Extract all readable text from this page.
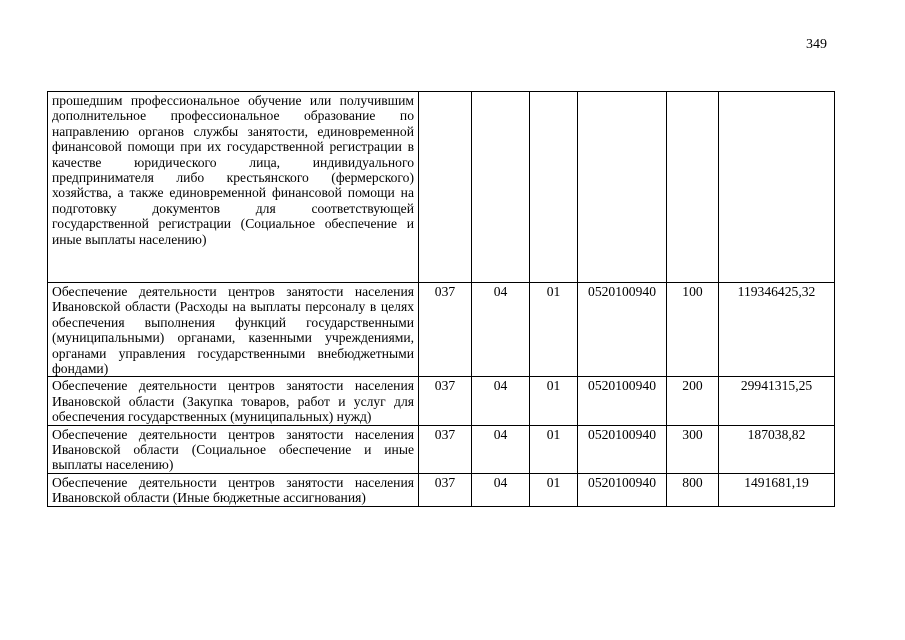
349
прошедшим профессиональное обучение или получившим дополнительное профессиональное образование по направлению органов службы занятости, единовременной финансовой помощи при их государственной регистрации в качестве юридического лица, индивидуального предпринимателя либо крестьянского (фермерского) хозяйства, а также единовременной финансовой помощи на подготовку документов для соответствующей государственной регистрации (Социальное обеспечение и иные выплаты населению)						
Обеспечение деятельности центров занятости населения Ивановской области (Расходы на выплаты персоналу в целях обеспечения выполнения функций государственными (муниципальными) органами, казенными учреждениями, органами управления государственными внебюджетными фондами)	037	04	01	0520100940	100	119346425,32
Обеспечение деятельности центров занятости населения Ивановской области (Закупка товаров, работ и услуг для обеспечения государственных (муниципальных) нужд)	037	04	01	0520100940	200	29941315,25
Обеспечение деятельности центров занятости населения Ивановской области (Социальное обеспечение и иные выплаты населению)	037	04	01	0520100940	300	187038,82
Обеспечение деятельности центров занятости населения Ивановской области (Иные бюджетные ассигнования)	037	04	01	0520100940	800	1491681,19
